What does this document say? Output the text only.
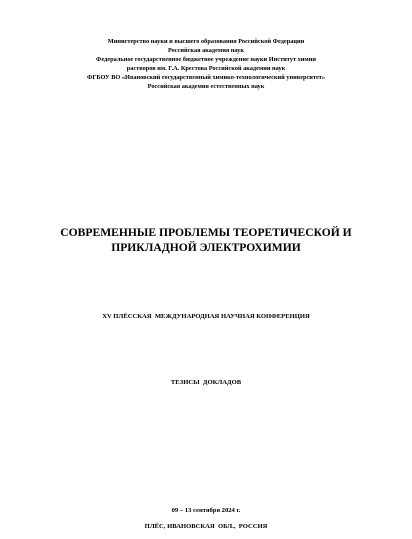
Министерство науки и высшего образования Российской Федерации
Российская академия наук
Федеральное государственное бюджетное учреждение науки Институт химии
растворов им. Г.А. Крестова Российской академии наук
ФГБОУ ВО «Ивановский государственный химико-технологический университет»
Российская академия естественных наук
СОВРЕМЕННЫЕ ПРОБЛЕМЫ ТЕОРЕТИЧЕСКОЙ И
ПРИКЛАДНОЙ ЭЛЕКТРОХИМИИ
XV ПЛЁССКАЯ  МЕЖДУНАРОДНАЯ НАУЧНАЯ КОНФЕРЕНЦИЯ
ТЕЗИСЫ  ДОКЛАДОВ
09 – 13 сентября 2024 г.
ПЛЁС, ИВАНОВСКАЯ  ОБЛ.,  РОССИЯ
